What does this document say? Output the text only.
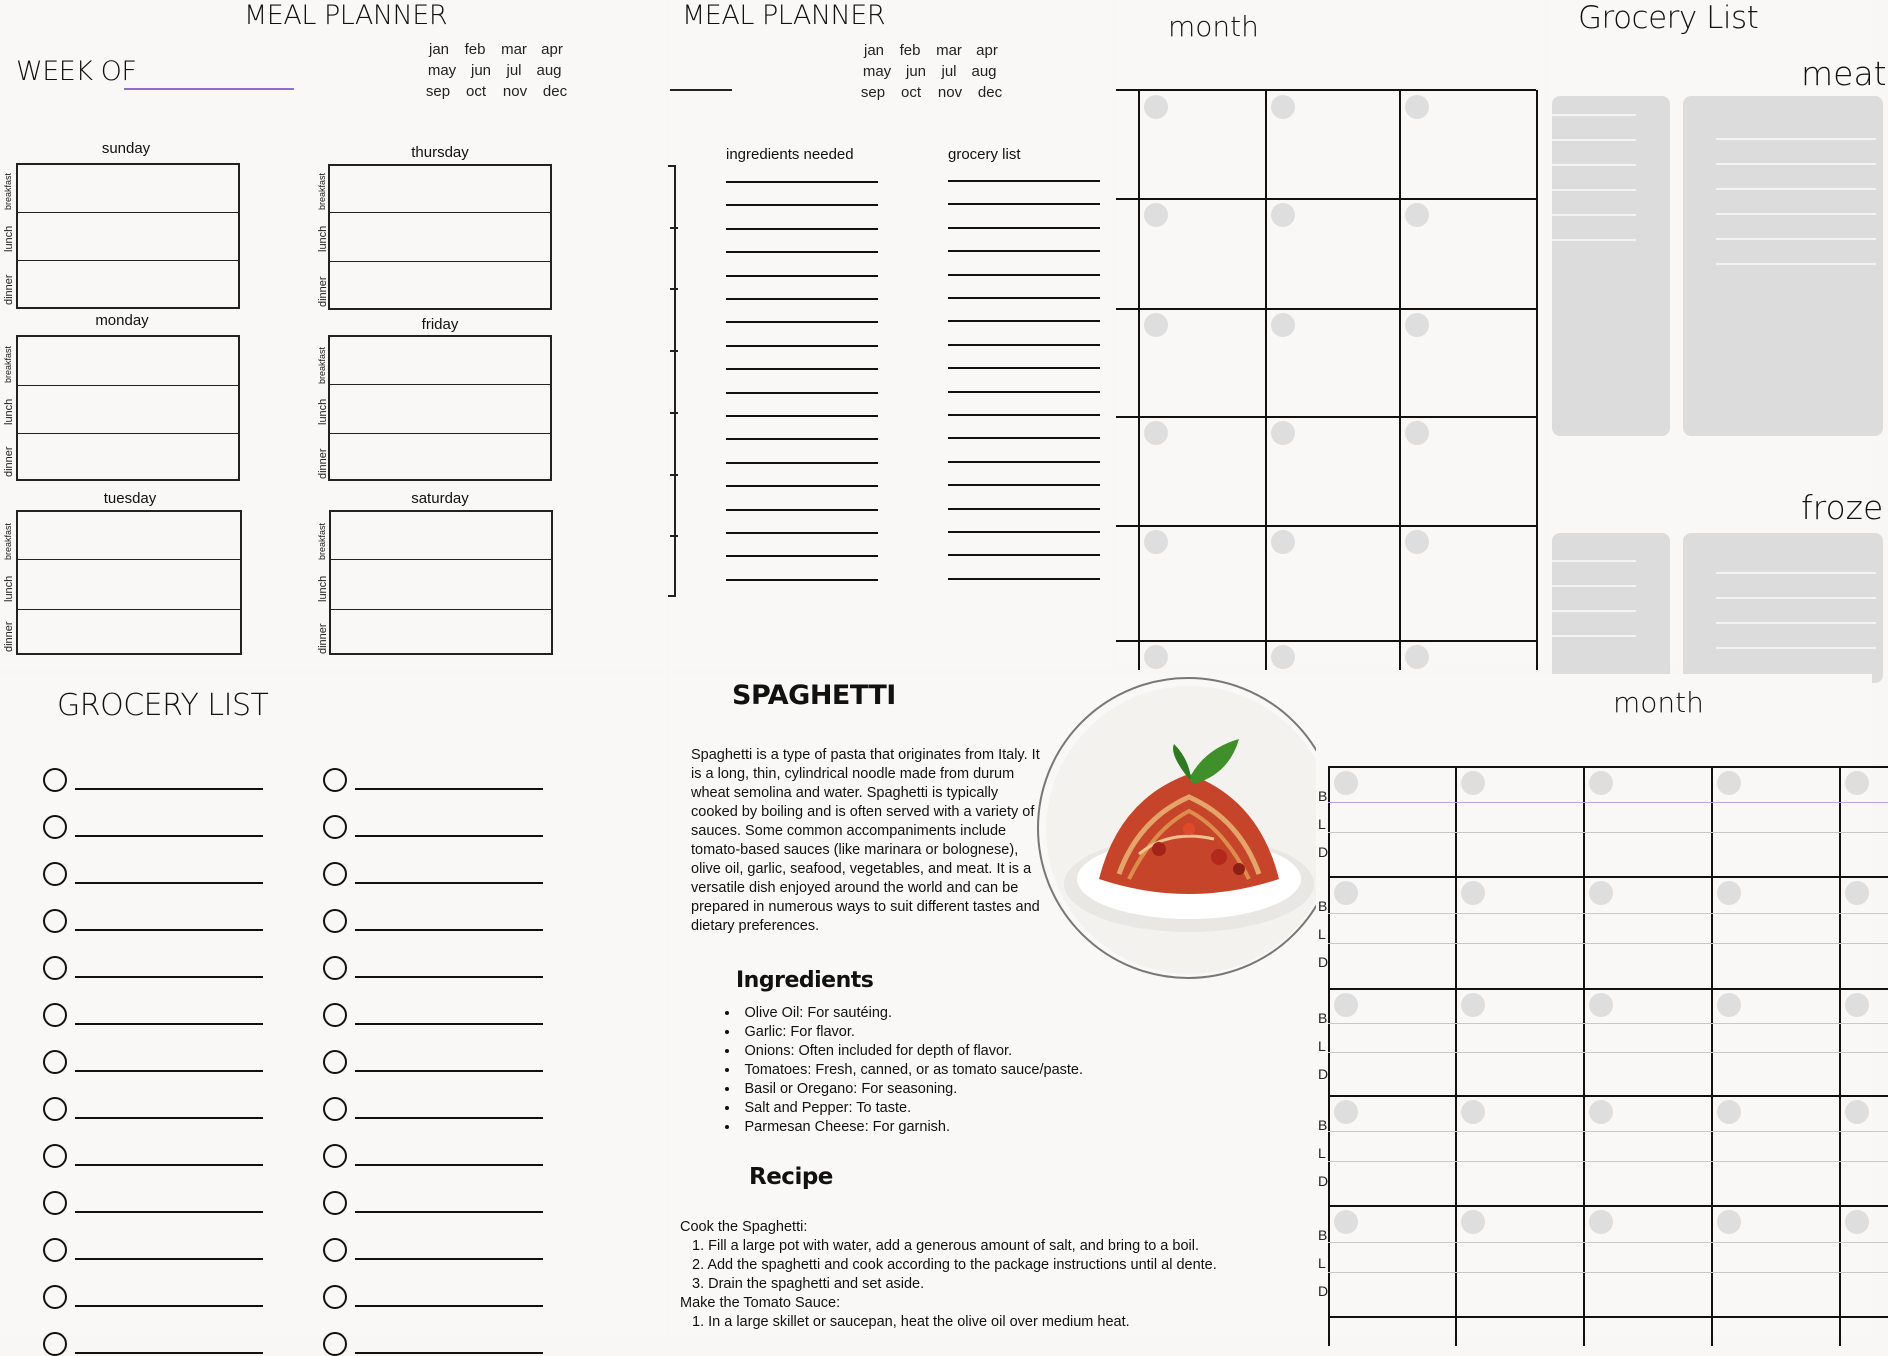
MEAL PLANNER
WEEK OF
jan	feb	mar apr
may jun	jul aug
sep	oct	nov	dec
sunday
breakfast
lunch
dinner
monday
breakfast
lunch
dinner
tuesday
breakfast
lunch
dinner
thursday
breakfast
lunch
dinner
friday
breakfast
lunch
dinner
saturday
breakfast
lunch
dinner
MEAL PLANNER
jan	feb	mar apr
may jun	jul aug
sep	oct	nov	dec
ingredients needed	grocery list
month	Grocery List
meat
froze
GROCERY LIST	SPAGHETTI
Spaghetti is a type of pasta that originates from Italy. It is a long, thin, cylindrical noodle made from durum wheat semolina and water. Spaghetti is typically cooked by boiling and is often served with a variety of sauces. Some common accompaniments include tomato-based sauces (like marinara or bolognese), olive oil, garlic, seafood, vegetables, and meat. It is a versatile dish enjoyed around the world and can be prepared in numerous ways to suit different tastes and dietary preferences.
Ingredients
• Olive Oil: For sautéing.
• Garlic: For flavor.
• Onions: Often included for depth of flavor.
• Tomatoes: Fresh, canned, or as tomato sauce/paste.
• Basil or Oregano: For seasoning.
• Salt and Pepper: To taste.
• Parmesan Cheese: For garnish.
Recipe

Cook the Spaghetti:

1. Fill a large pot with water, add a generous amount of salt, and bring to a boil.

2. Add the spaghetti and cook according to the package instructions until al dente.

3. Drain the spaghetti and set aside.

Make the Tomato Sauce:

1. In a large skillet or saucepan, heat the olive oil over medium heat.

month
B
L
D
B
L
D
B
L
D
B
L
D
B
L
D
